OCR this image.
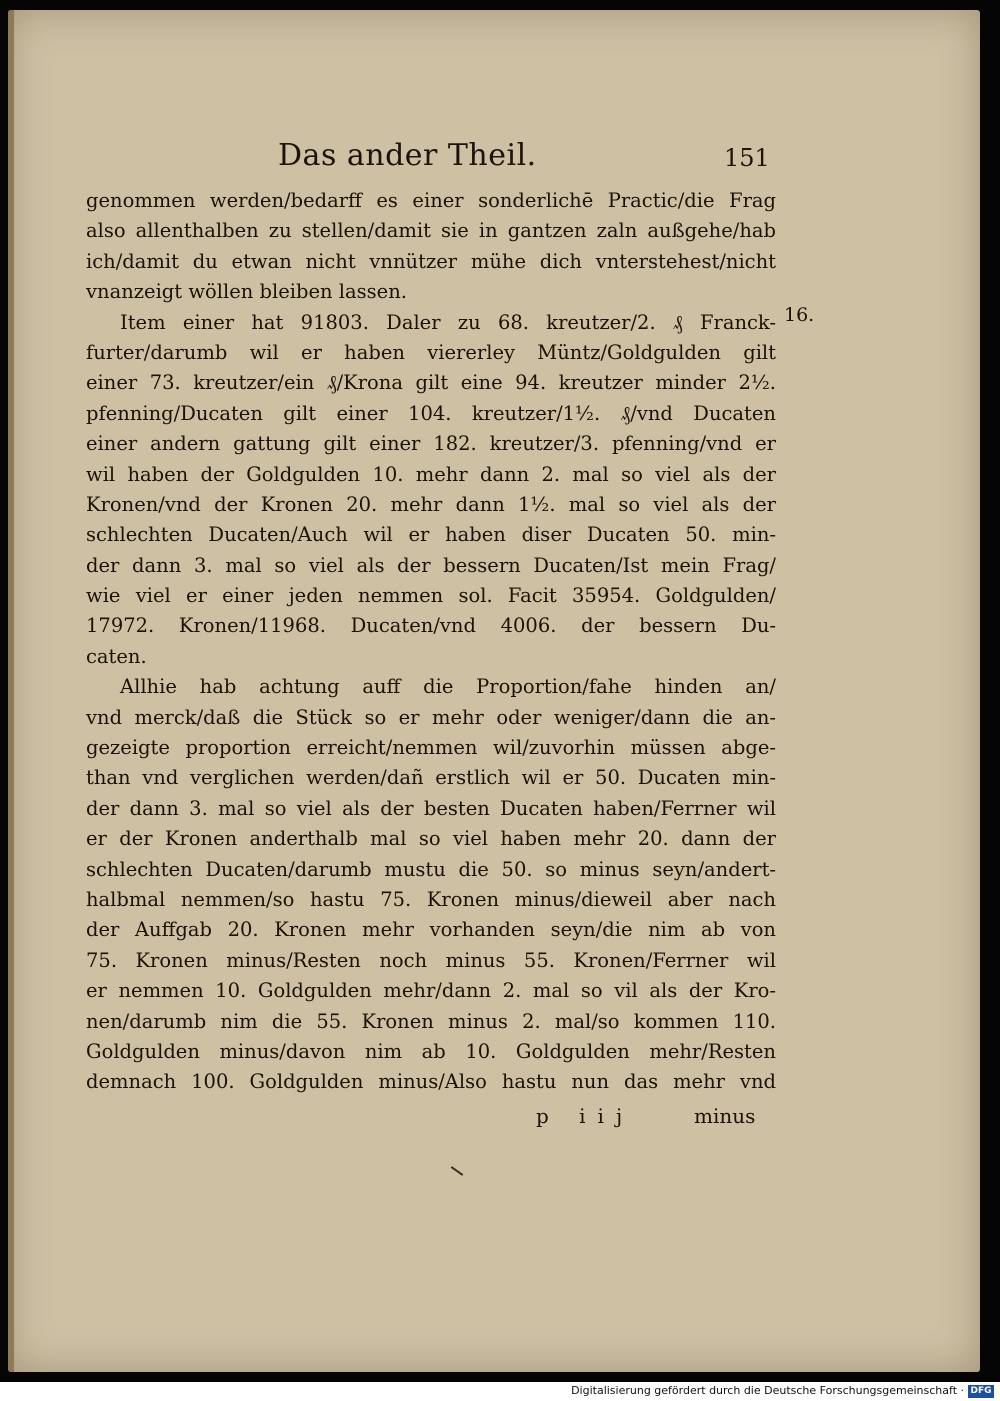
Das ander Theil.	151
16.
genommen werden/bedarff es einer sonderlichē Practic/die Frag
also allenthalben zu stellen/damit sie in gantzen zaln außgehe/hab
ich/damit du etwan nicht vnnützer mühe dich vnterstehest/nicht
vnanzeigt wöllen bleiben lassen.
Item einer hat 91803. Daler zu 68. kreutzer/2. ₰ Franck-
furter/darumb wil er haben viererley Müntz/Goldgulden gilt
einer 73. kreutzer/ein ₰/Krona gilt eine 94. kreutzer minder 2½.
pfenning/Ducaten gilt einer 104. kreutzer/1½. ₰/vnd Ducaten
einer andern gattung gilt einer 182. kreutzer/3. pfenning/vnd er
wil haben der Goldgulden 10. mehr dann 2. mal so viel als der
Kronen/vnd der Kronen 20. mehr dann 1½. mal so viel als der
schlechten Ducaten/Auch wil er haben diser Ducaten 50. min-
der dann 3. mal so viel als der bessern Ducaten/Ist mein Frag/
wie viel er einer jeden nemmen sol. Facit 35954. Goldgulden/
17972. Kronen/11968. Ducaten/vnd 4006. der bessern Du-
caten.
Allhie hab achtung auff die Proportion/fahe hinden an/
vnd merck/daß die Stück so er mehr oder weniger/dann die an-
gezeigte proportion erreicht/nemmen wil/zuvorhin müssen abge-
than vnd verglichen werden/dañ erstlich wil er 50. Ducaten min-
der dann 3. mal so viel als der besten Ducaten haben/Ferrner wil
er der Kronen anderthalb mal so viel haben mehr 20. dann der
schlechten Ducaten/darumb mustu die 50. so minus seyn/andert-
halbmal nemmen/so hastu 75. Kronen minus/dieweil aber nach
der Auffgab 20. Kronen mehr vorhanden seyn/die nim ab von
75. Kronen minus/Resten noch minus 55. Kronen/Ferrner wil
er nemmen 10. Goldgulden mehr/dann 2. mal so vil als der Kro-
nen/darumb nim die 55. Kronen minus 2. mal/so kommen 110.
Goldgulden minus/davon nim ab 10. Goldgulden mehr/Resten
demnach 100. Goldgulden minus/Also hastu nun das mehr vnd
p iij	minus
Digitalisierung gefördert durch die Deutsche Forschungsgemeinschaft · DFG
